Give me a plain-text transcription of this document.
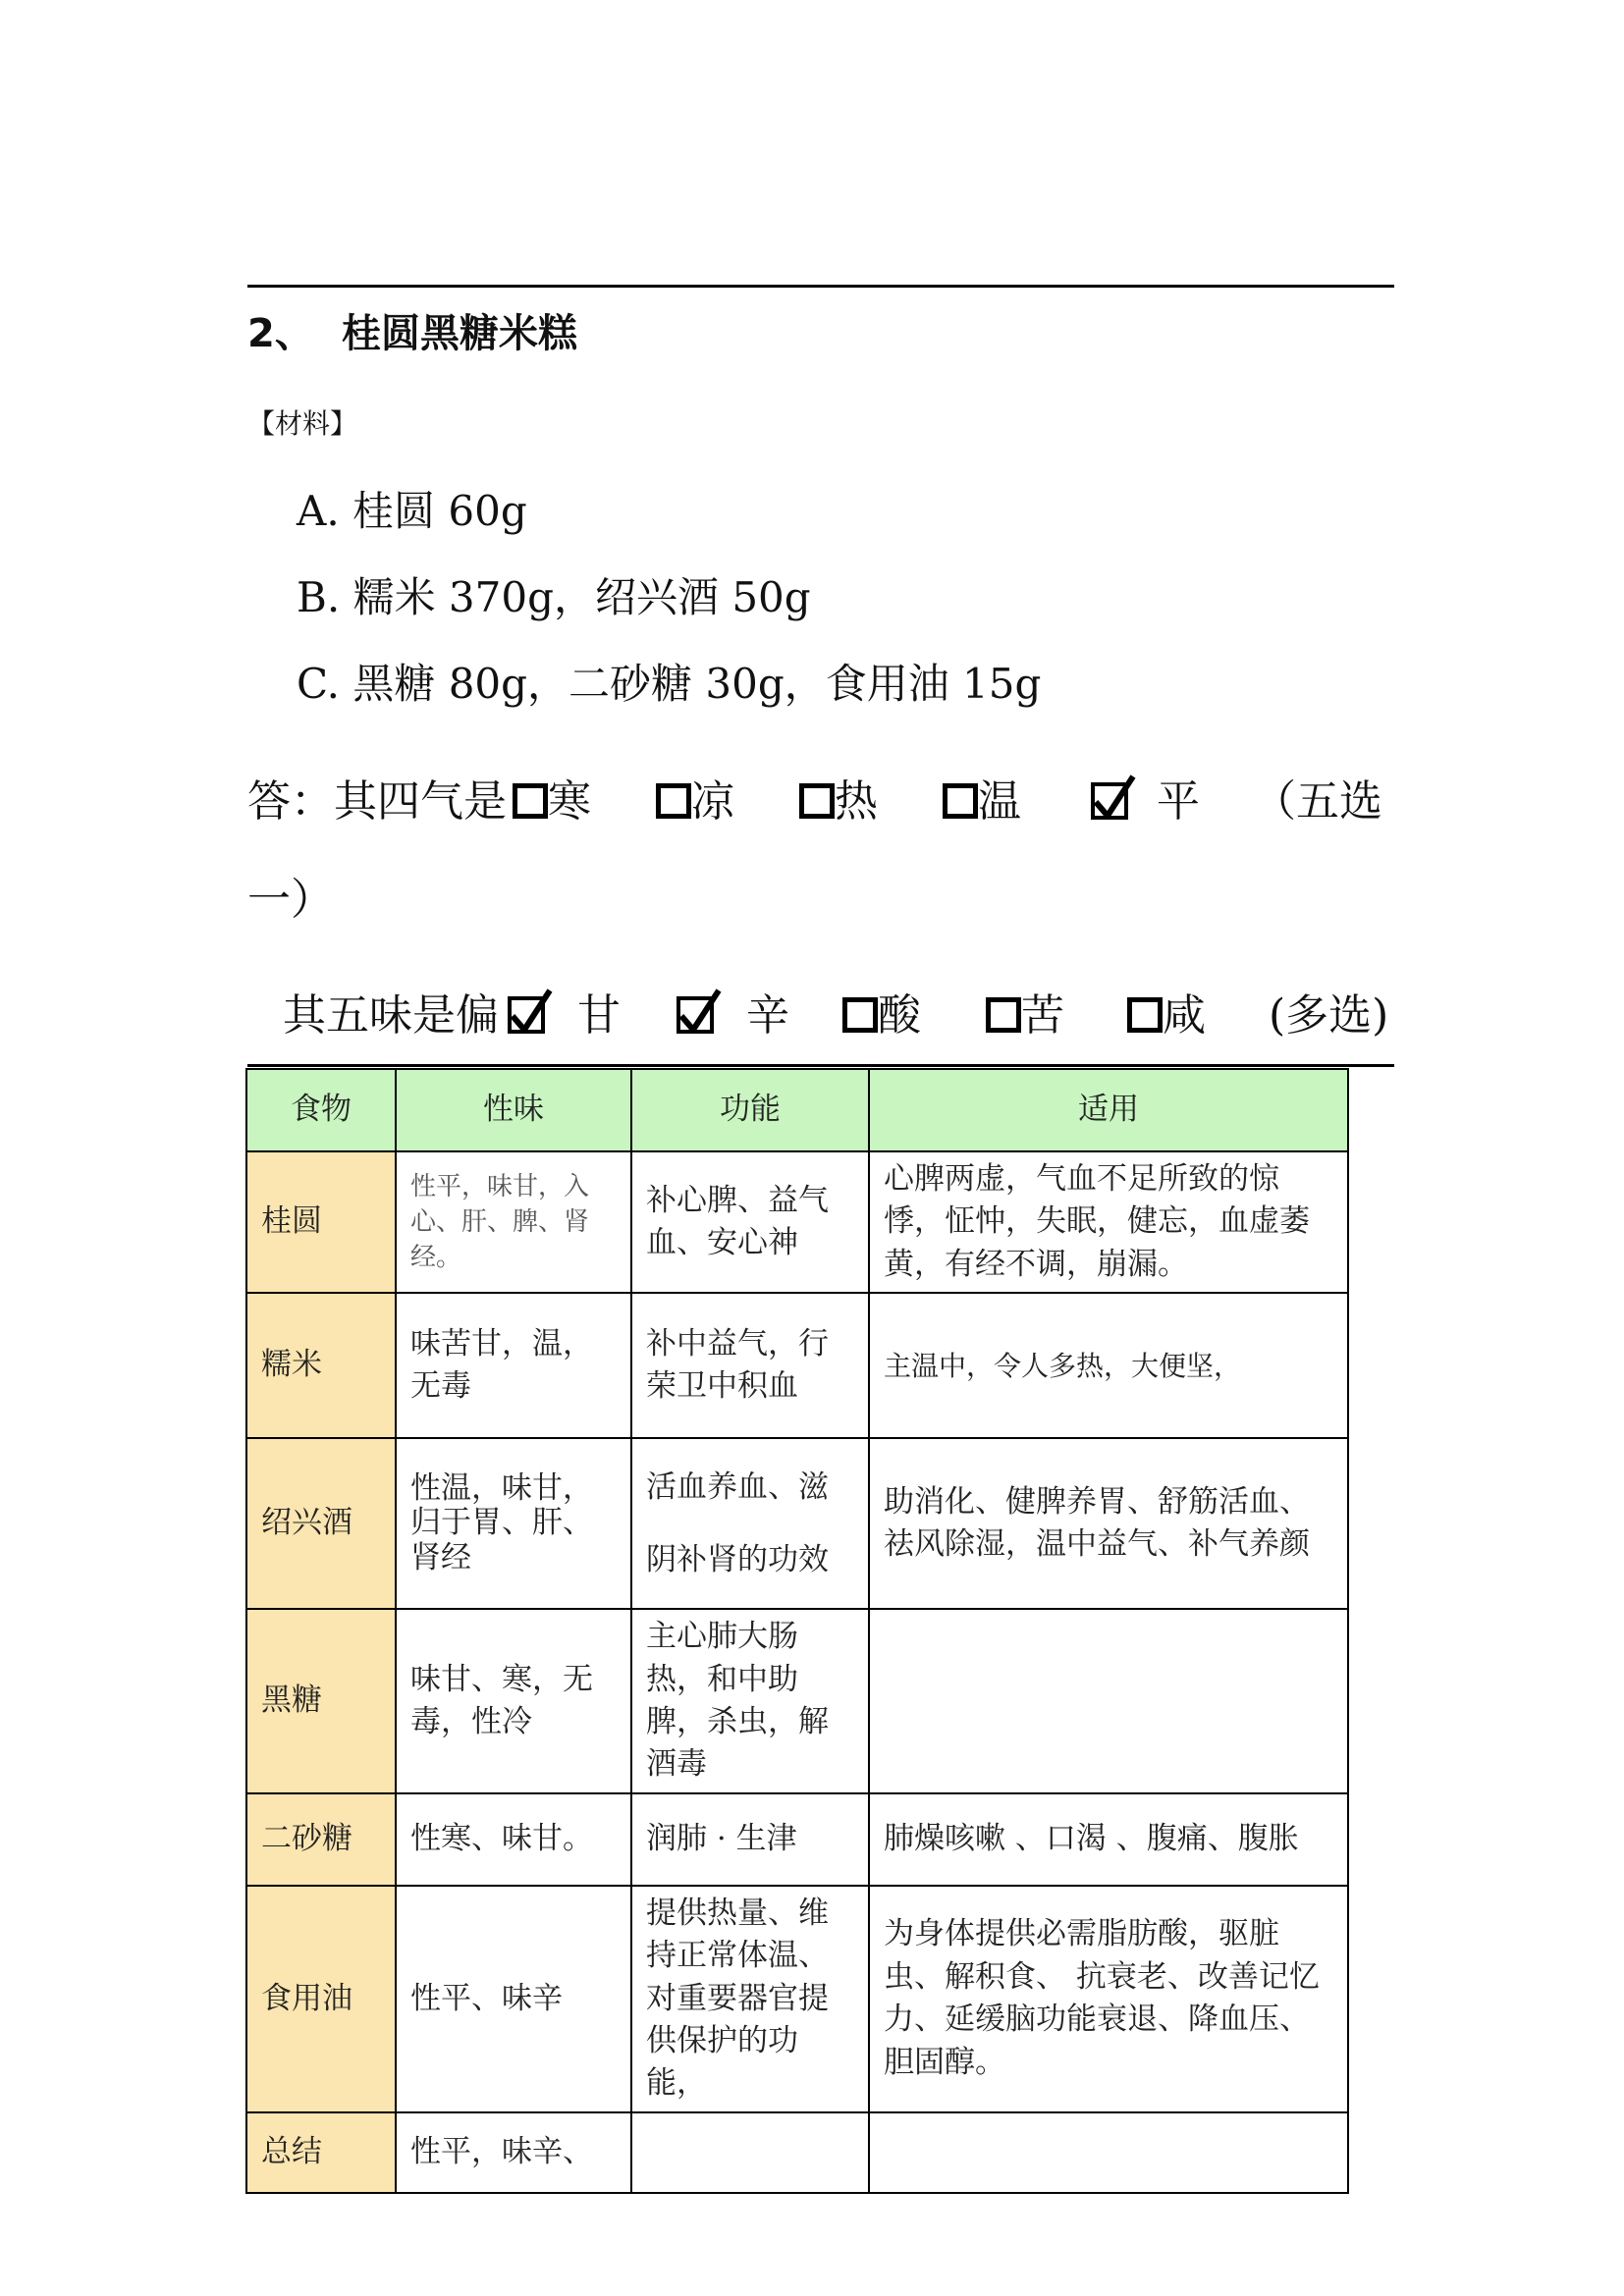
2、 桂圆黑糖米糕
【材料】
A. 桂圆 60g
B. 糯米 370g，绍兴酒 50g
C. 黑糖 80g，二砂糖 30g，食用油 15g
答：其四气是 寒	凉	热	温	平 （五选
一）
其五味是偏	甘	辛	酸	苦	咸 (多选)
食物	性味	功能	适用
桂圆	性平，味甘，入心、肝、脾、肾经。	补心脾、益气血、安心神	心脾两虚，气血不足所致的惊悸，怔忡，失眠，健忘，血虚萎黄，有经不调，崩漏。
糯米	味苦甘，温，无毒	补中益气，行荣卫中积血	主温中，令人多热，大便坚，
绍兴酒	性温，味甘，归于胃、肝、肾经	活血养血、滋阴补肾的功效	助消化、健脾养胃、舒筋活血、祛风除湿，温中益气、补气养颜
黑糖	味甘、寒，无毒，性冷	主心肺大肠热，和中助脾，杀虫，解酒毒	
二砂糖	性寒、味甘。	润肺 · 生津	肺燥咳嗽 、口渴 、腹痛、腹胀
食用油	性平、味辛	提供热量、维持正常体温、对重要器官提供保护的功能，	为身体提供必需脂肪酸，驱脏虫、解积食、 抗衰老、改善记忆力、延缓脑功能衰退、降血压、胆固醇。
总结	性平，味辛、		
